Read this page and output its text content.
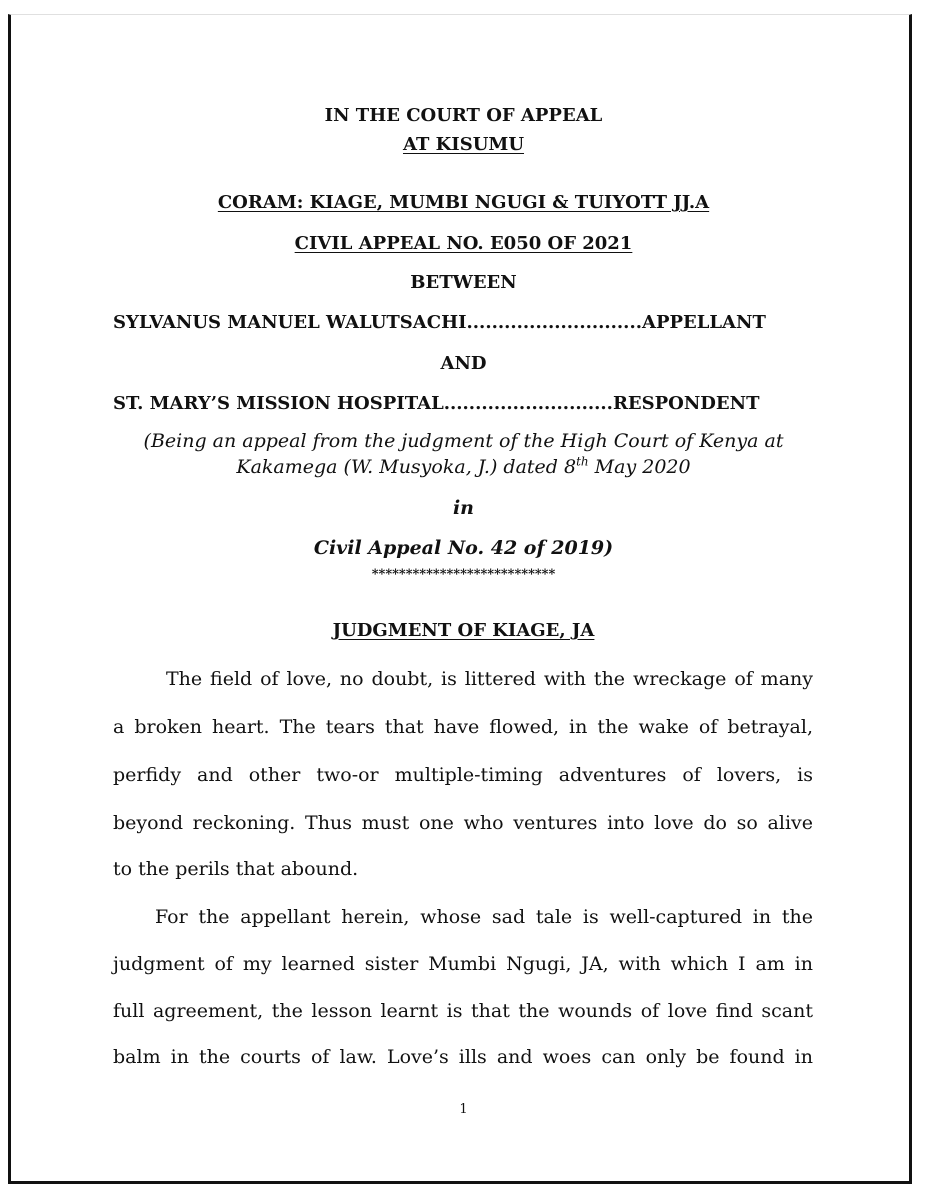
IN THE COURT OF APPEAL
AT KISUMU
CORAM: KIAGE, MUMBI NGUGI & TUIYOTT JJ.A
CIVIL APPEAL NO. E050 OF 2021
BETWEEN
SYLVANUS MANUEL WALUTSACHI ............................ APPELLANT
AND
ST. MARY’S MISSION HOSPITAL ........................... RESPONDENT
(Being an appeal from the judgment of the High Court of Kenya at
Kakamega (W. Musyoka, J.) dated 8th May 2020
in
Civil Appeal No. 42 of 2019)
***************************
JUDGMENT OF KIAGE, JA
The field of love, no doubt, is littered with the wreckage of many
a broken heart. The tears that have flowed, in the wake of betrayal,
perfidy and other two-or multiple-timing adventures of lovers, is
beyond reckoning. Thus must one who ventures into love do so alive
to the perils that abound.
For the appellant herein, whose sad tale is well-captured in the
judgment of my learned sister Mumbi Ngugi, JA, with which I am in
full agreement, the lesson learnt is that the wounds of love find scant
balm in the courts of law. Love’s ills and woes can only be found in
1
